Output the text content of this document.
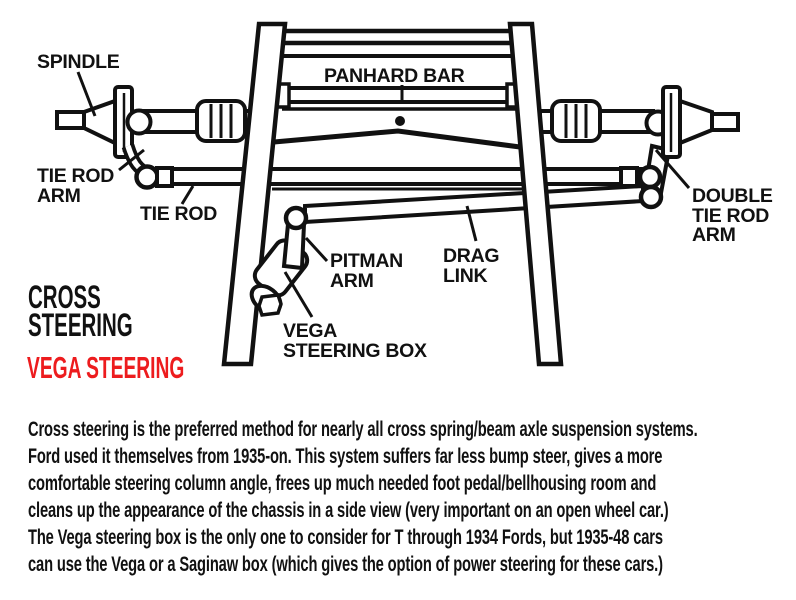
SPINDLE
PANHARD BAR
TIE ROD
ARM
TIE ROD
PITMAN
ARM
DRAG
LINK
VEGA
STEERING BOX
DOUBLE
TIE ROD
ARM
CROSS
STEERING
VEGA STEERING
Cross steering is the preferred method for nearly all cross spring/beam axle suspension systems.
Ford used it themselves from 1935-on. This system suffers far less bump steer, gives a more
comfortable steering column angle, frees up much needed foot pedal/bellhousing room and
cleans up the appearance of the chassis in a side view (very important on an open wheel car.)
The Vega steering box is the only one to consider for T through 1934 Fords, but 1935-48 cars
can use the Vega or a Saginaw box (which gives the option of power steering for these cars.)
